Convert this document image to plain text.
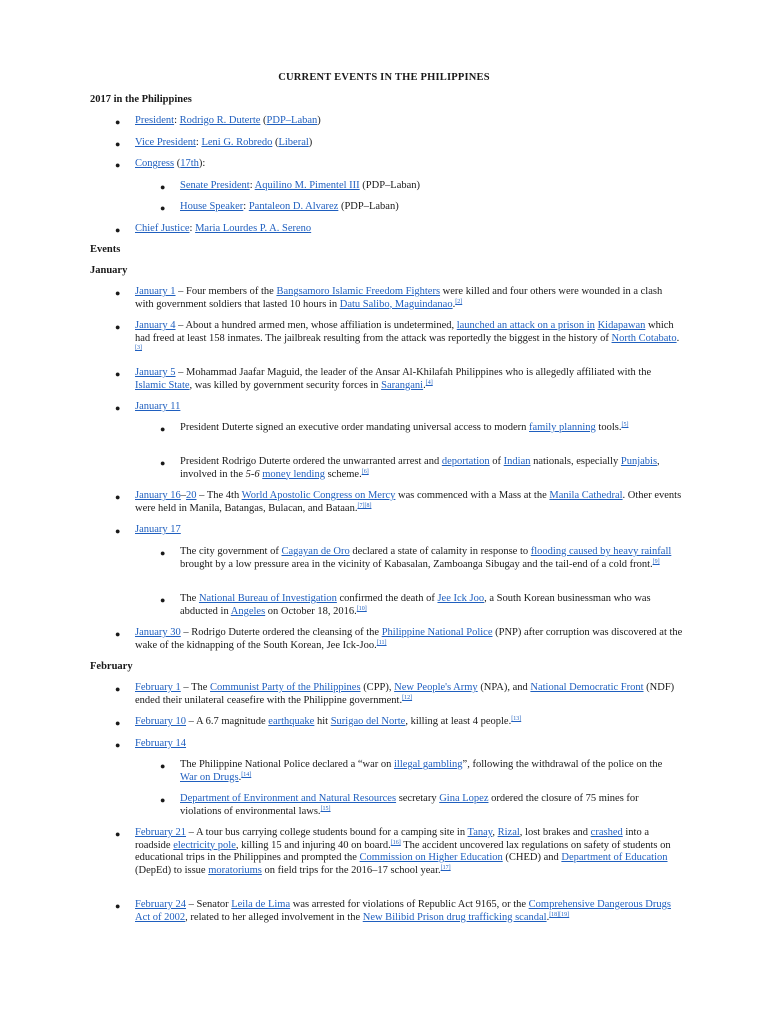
CURRENT EVENTS IN THE PHILIPPINES
2017 in the Philippines
● President: Rodrigo R. Duterte (PDP–Laban)
● Vice President: Leni G. Robredo (Liberal)
● Congress (17th):
● Senate President: Aquilino M. Pimentel III (PDP–Laban)
● House Speaker: Pantaleon D. Alvarez (PDP–Laban)
● Chief Justice: Maria Lourdes P. A. Sereno
Events
January
● January 1 – Four members of the Bangsamoro Islamic Freedom Fighters were killed and four others were wounded in a clash with government soldiers that lasted 10 hours in Datu Salibo, Maguindanao.[2]
● January 4 – About a hundred armed men, whose affiliation is undetermined, launched an attack on a prison in Kidapawan which had freed at least 158 inmates. The jailbreak resulting from the attack was reportedly the biggest in the history of North Cotabato.[3]
● January 5 – Mohammad Jaafar Maguid, the leader of the Ansar Al-Khilafah Philippines who is allegedly affiliated with the Islamic State, was killed by government security forces in Sarangani.[4]
● January 11
● President Duterte signed an executive order mandating universal access to modern family planning tools.[5]
● President Rodrigo Duterte ordered the unwarranted arrest and deportation of Indian nationals, especially Punjabis, involved in the 5-6 money lending scheme.[6]
● January 16–20 – The 4th World Apostolic Congress on Mercy was commenced with a Mass at the Manila Cathedral. Other events were held in Manila, Batangas, Bulacan, and Bataan.[7][8]
● January 17
● The city government of Cagayan de Oro declared a state of calamity in response to flooding caused by heavy rainfall brought by a low pressure area in the vicinity of Kabasalan, Zamboanga Sibugay and the tail-end of a cold front.[9]
● The National Bureau of Investigation confirmed the death of Jee Ick Joo, a South Korean businessman who was abducted in Angeles on October 18, 2016.[10]
● January 30 – Rodrigo Duterte ordered the cleansing of the Philippine National Police (PNP) after corruption was discovered at the wake of the kidnapping of the South Korean, Jee Ick-Joo.[11]
● February 1 – The Communist Party of the Philippines (CPP), New People's Army (NPA), and National Democratic Front (NDF) ended their unilateral ceasefire with the Philippine government.[12]
● February 10 – A 6.7 magnitude earthquake hit Surigao del Norte, killing at least 4 people.[13]
● February 14
● The Philippine National Police declared a “war on illegal gambling”, following the withdrawal of the police on the War on Drugs.[14]
● Department of Environment and Natural Resources secretary Gina Lopez ordered the closure of 75 mines for violations of environmental laws.[15]
● February 21 – A tour bus carrying college students bound for a camping site in Tanay, Rizal, lost brakes and crashed into a roadside electricity pole, killing 15 and injuring 40 on board.[16] The accident uncovered lax regulations on safety of students on educational trips in the Philippines and prompted the Commission on Higher Education (CHED) and Department of Education (DepEd) to issue moratoriums on field trips for the 2016–17 school year.[17]
● February 24 – Senator Leila de Lima was arrested for violations of Republic Act 9165, or the Comprehensive Dangerous Drugs Act of 2002, related to her alleged involvement in the New Bilibid Prison drug trafficking scandal.[18][19]
February
